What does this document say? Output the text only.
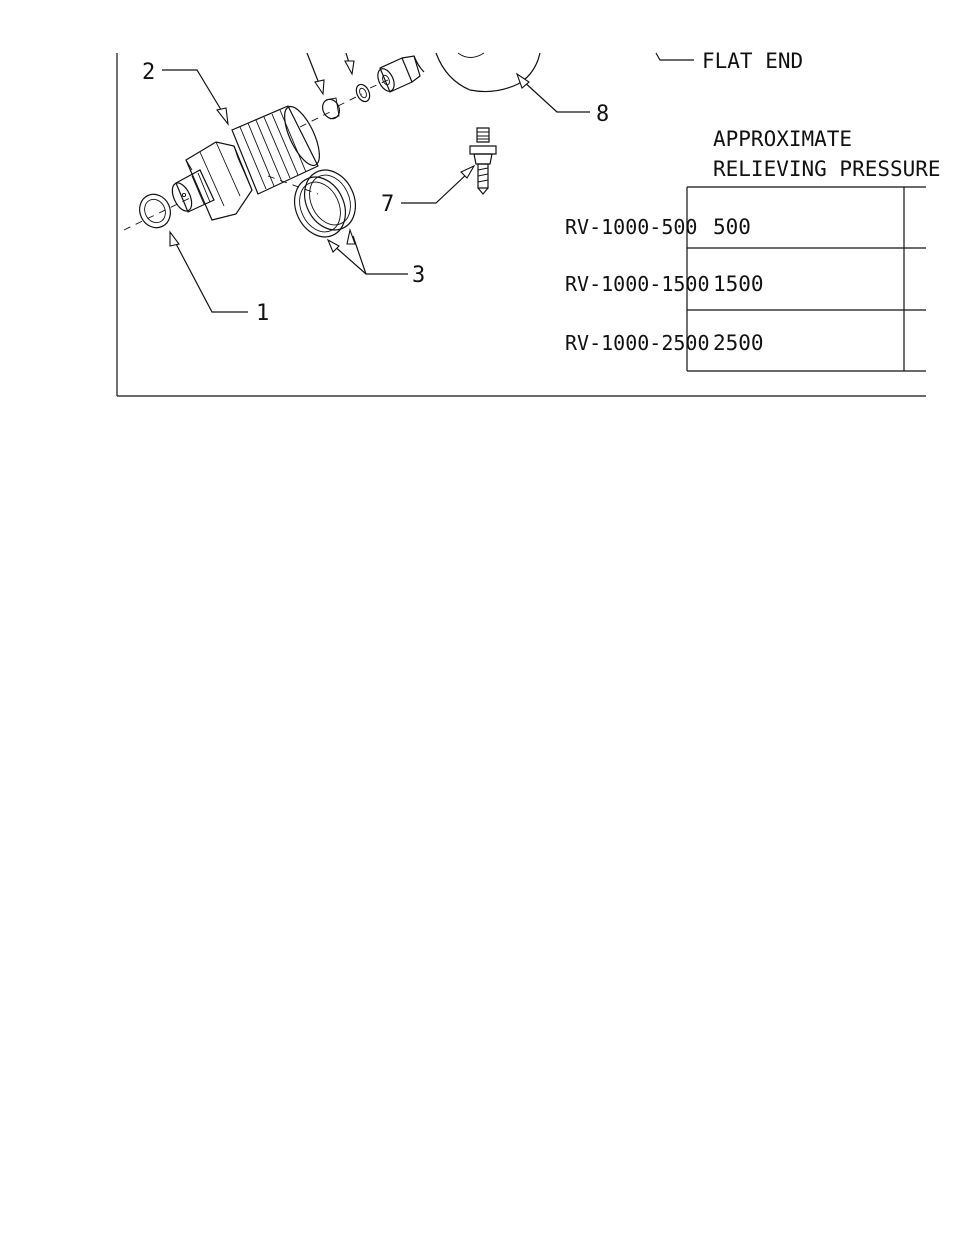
2
1
3
7
8
FLAT END
APPROXIMATE
RELIEVING PRESSURE
RV-1000-500 500
RV-1000-1500 1500
RV-1000-2500 2500
